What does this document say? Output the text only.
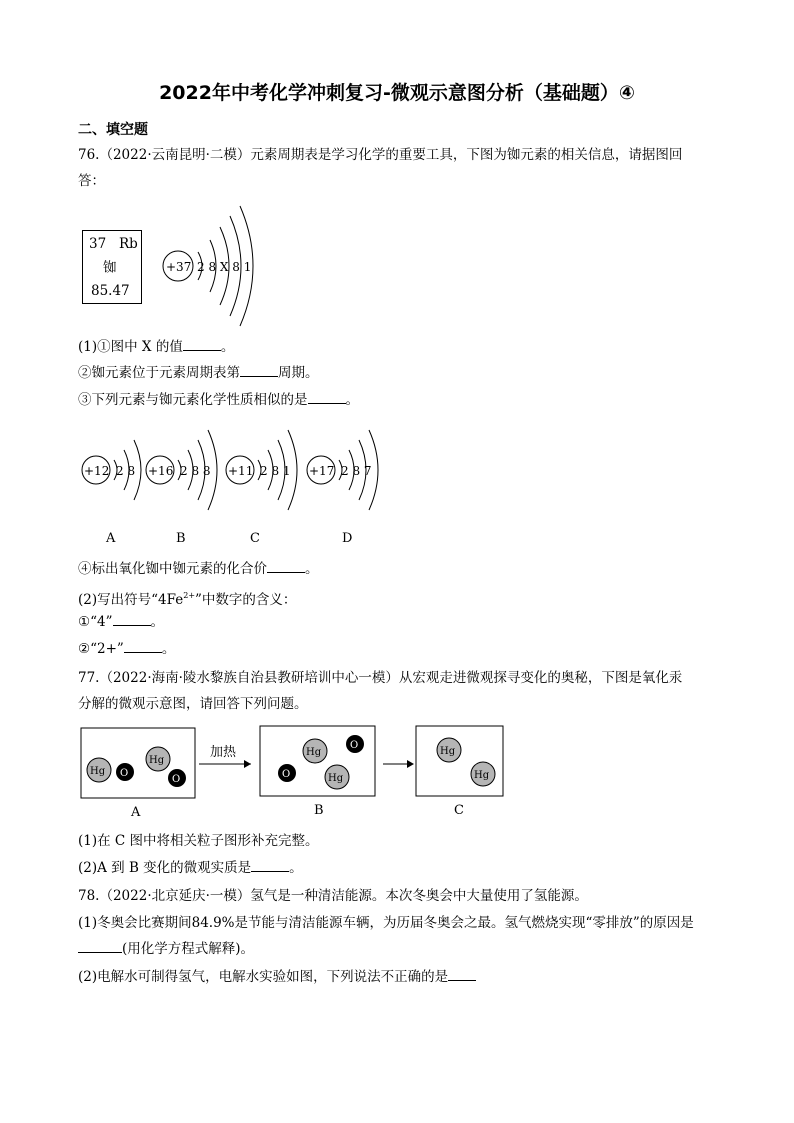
2022年中考化学冲刺复习-微观示意图分析（基础题）④
二、填空题
76.（2022·云南昆明·二模）元素周期表是学习化学的重要工具，下图为铷元素的相关信息，请据图回
答：
37 Rb
铷
85.47
+37 2 8 X 8 1
(1)①图中 X 的值	。
②铷元素位于元素周期表第	周期。
③下列元素与铷元素化学性质相似的是	。
+12 2 8
A
+16 2 8 8
B
+11 2 8 1
C
+17 2 8 7
D
④标出氧化铷中铷元素的化合价	。
(2)写出符号“$4Fe^{2+}$”中数字的含义：
①“4”	。
②“2+”	。
77.（2022·海南·陵水黎族自治县教研培训中心一模）从宏观走进微观探寻变化的奥秘，下图是氧化汞
分解的微观示意图，请回答下列问题。
Hg O
Hg
O
A
加热	Hg
O
O	Hg
B
Hg
Hg
C
(1)在 C 图中将相关粒子图形补充完整。
(2)A 到 B 变化的微观实质是	。
78.（2022·北京延庆·一模）氢气是一种清洁能源。本次冬奥会中大量使用了氢能源。
(1)冬奥会比赛期间84.9%是节能与清洁能源车辆，为历届冬奥会之最。氢气燃烧实现“零排放”的原因是
(用化学方程式解释)。
(2)电解水可制得氢气，电解水实验如图，下列说法不正确的是
